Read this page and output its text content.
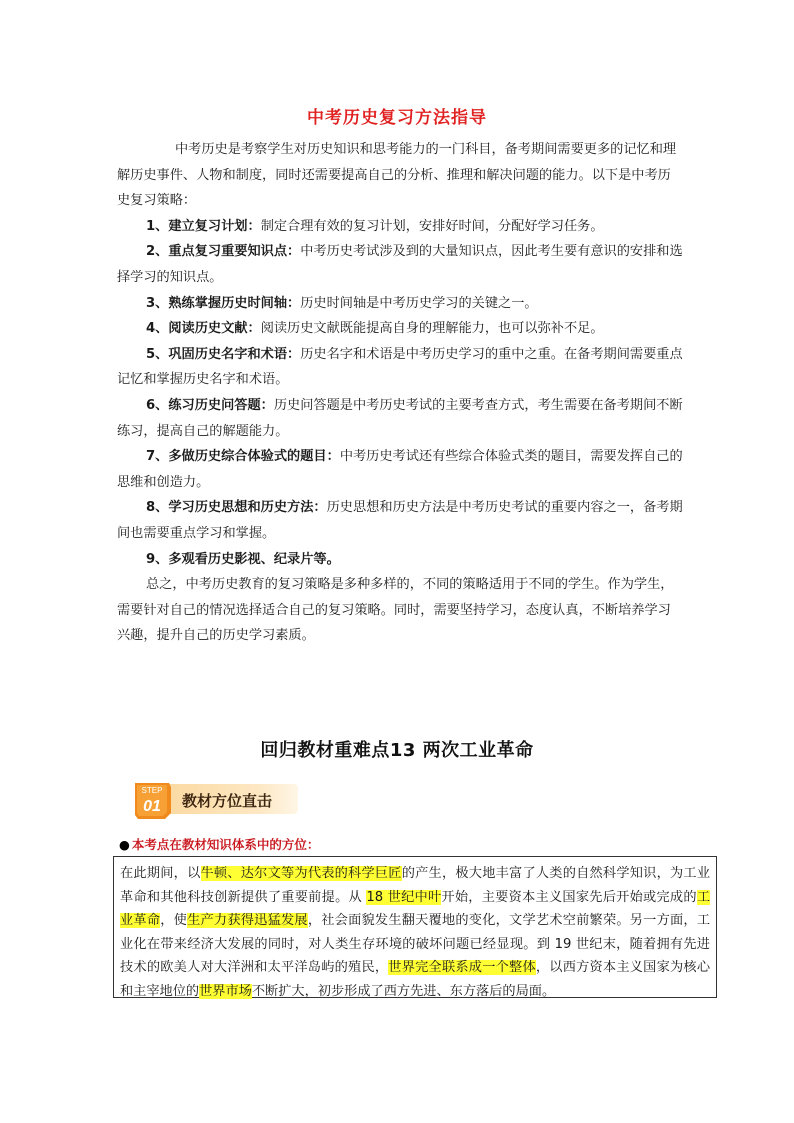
中考历史复习方法指导

中考历史是考察学生对历史知识和思考能力的一门科目，备考期间需要更多的记忆和理解历史事件、人物和制度，同时还需要提高自己的分析、推理和解决问题的能力。以下是中考历史复习策略：

1、建立复习计划：制定合理有效的复习计划，安排好时间，分配好学习任务。

2、重点复习重要知识点：中考历史考试涉及到的大量知识点，因此考生要有意识的安排和选择学习的知识点。

3、熟练掌握历史时间轴：历史时间轴是中考历史学习的关键之一。

4、阅读历史文献：阅读历史文献既能提高自身的理解能力，也可以弥补不足。

5、巩固历史名字和术语：历史名字和术语是中考历史学习的重中之重。在备考期间需要重点记忆和掌握历史名字和术语。

6、练习历史问答题：历史问答题是中考历史考试的主要考查方式，考生需要在备考期间不断练习，提高自己的解题能力。

7、多做历史综合体验式的题目：中考历史考试还有些综合体验式类的题目，需要发挥自己的思维和创造力。

8、学习历史思想和历史方法：历史思想和历史方法是中考历史考试的重要内容之一，备考期间也需要重点学习和掌握。

9、多观看历史影视、纪录片等。

总之，中考历史教育的复习策略是多种多样的，不同的策略适用于不同的学生。作为学生，需要针对自己的情况选择适合自己的复习策略。同时，需要坚持学习，态度认真，不断培养学习兴趣，提升自己的历史学习素质。

回归教材重难点13 两次工业革命
教材方位直击
STEP
01
● 本考点在教材知识体系中的方位：
在此期间，以牛顿、达尔文等为代表的科学巨匠的产生，极大地丰富了人类的自然科学知识，为工业革命和其他科技创新提供了重要前提。从 18 世纪中叶开始，主要资本主义国家先后开始或完成的工业革命，使生产力获得迅猛发展，社会面貌发生翻天覆地的变化，文学艺术空前繁荣。另一方面，工业化在带来经济大发展的同时，对人类生存环境的破坏问题已经显现。到 19 世纪末，随着拥有先进技术的欧美人对大洋洲和太平洋岛屿的殖民，世界完全联系成一个整体，以西方资本主义国家为核心和主宰地位的世界市场不断扩大，初步形成了西方先进、东方落后的局面。
